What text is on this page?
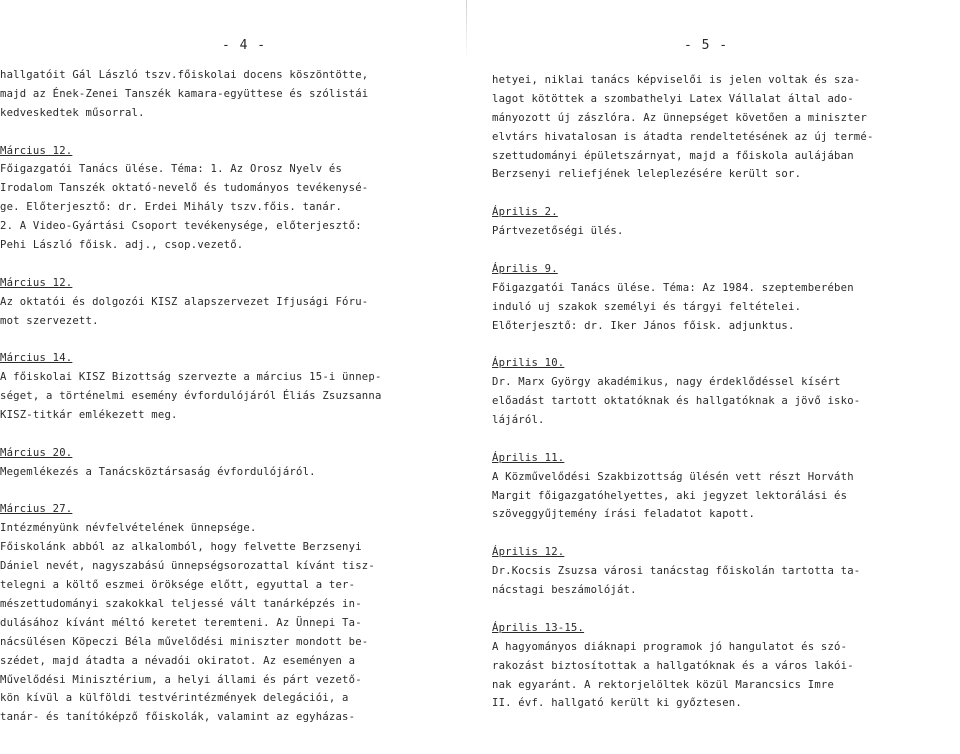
- 4 -
hallgatóit Gál László tszv.főiskolai docens köszöntötte,
majd az Ének-Zenei Tanszék kamara-együttese és szólistái
kedveskedtek műsorral.
Március 12.
Főigazgatói Tanács ülése. Téma: 1. Az Orosz Nyelv és
Irodalom Tanszék oktató-nevelő és tudományos tevékenysé-
ge. Előterjesztő: dr. Erdei Mihály tszv.főis. tanár.
2. A Video-Gyártási Csoport tevékenysége, előterjesztő:
Pehi László főisk. adj., csop.vezető.
Március 12.
Az oktatói és dolgozói KISZ alapszervezet Ifjusági Fóru-
mot szervezett.
Március 14.
A főiskolai KISZ Bizottság szervezte a március 15-i ünnep-
séget, a történelmi esemény évfordulójáról Éliás Zsuzsanna
KISZ-titkár emlékezett meg.
Március 20.
Megemlékezés a Tanácsköztársaság évfordulójáról.
Március 27.
Intézményünk névfelvételének ünnepsége.
Főiskolánk abból az alkalomból, hogy felvette Berzsenyi
Dániel nevét, nagyszabású ünnepségsorozattal kívánt tisz-
telegni a költő eszmei öröksége előtt, egyuttal a ter-
mészettudományi szakokkal teljessé vált tanárképzés in-
dulásához kívánt méltó keretet teremteni. Az Ünnepi Ta-
nácsülésen Köpeczi Béla művelődési miniszter mondott be-
szédet, majd átadta a névadói okiratot. Az eseményen a
Művelődési Minisztérium, a helyi állami és párt vezető-
kön kívül a külföldi testvérintézmények delegációi, a
tanár- és tanítóképző főiskolák, valamint az egyházas-
- 5 -
hetyei, niklai tanács képviselői is jelen voltak és sza-
lagot kötöttek a szombathelyi Latex Vállalat által ado-
mányozott új zászlóra. Az ünnepséget követően a miniszter
elvtárs hivatalosan is átadta rendeltetésének az új termé-
szettudományi épületszárnyat, majd a főiskola aulájában
Berzsenyi reliefjének leleplezésére került sor.
Április 2.
Pártvezetőségi ülés.
Április 9.
Főigazgatói Tanács ülése. Téma: Az 1984. szeptemberében
induló uj szakok személyi és tárgyi feltételei.
Előterjesztő: dr. Iker János főisk. adjunktus.
Április 10.
Dr. Marx György akadémikus, nagy érdeklődéssel kísért
előadást tartott oktatóknak és hallgatóknak a jövő isko-
lájáról.
Április 11.
A Közművelődési Szakbizottság ülésén vett részt Horváth
Margit főigazgatóhelyettes, aki jegyzet lektorálási és
szöveggyűjtemény írási feladatot kapott.
Április 12.
Dr.Kocsis Zsuzsa városi tanácstag főiskolán tartotta ta-
nácstagi beszámolóját.
Április 13-15.
A hagyományos diáknapi programok jó hangulatot és szó-
rakozást biztosítottak a hallgatóknak és a város lakói-
nak egyaránt. A rektorjelöltek közül Marancsics Imre
II. évf. hallgató került ki győztesen.
